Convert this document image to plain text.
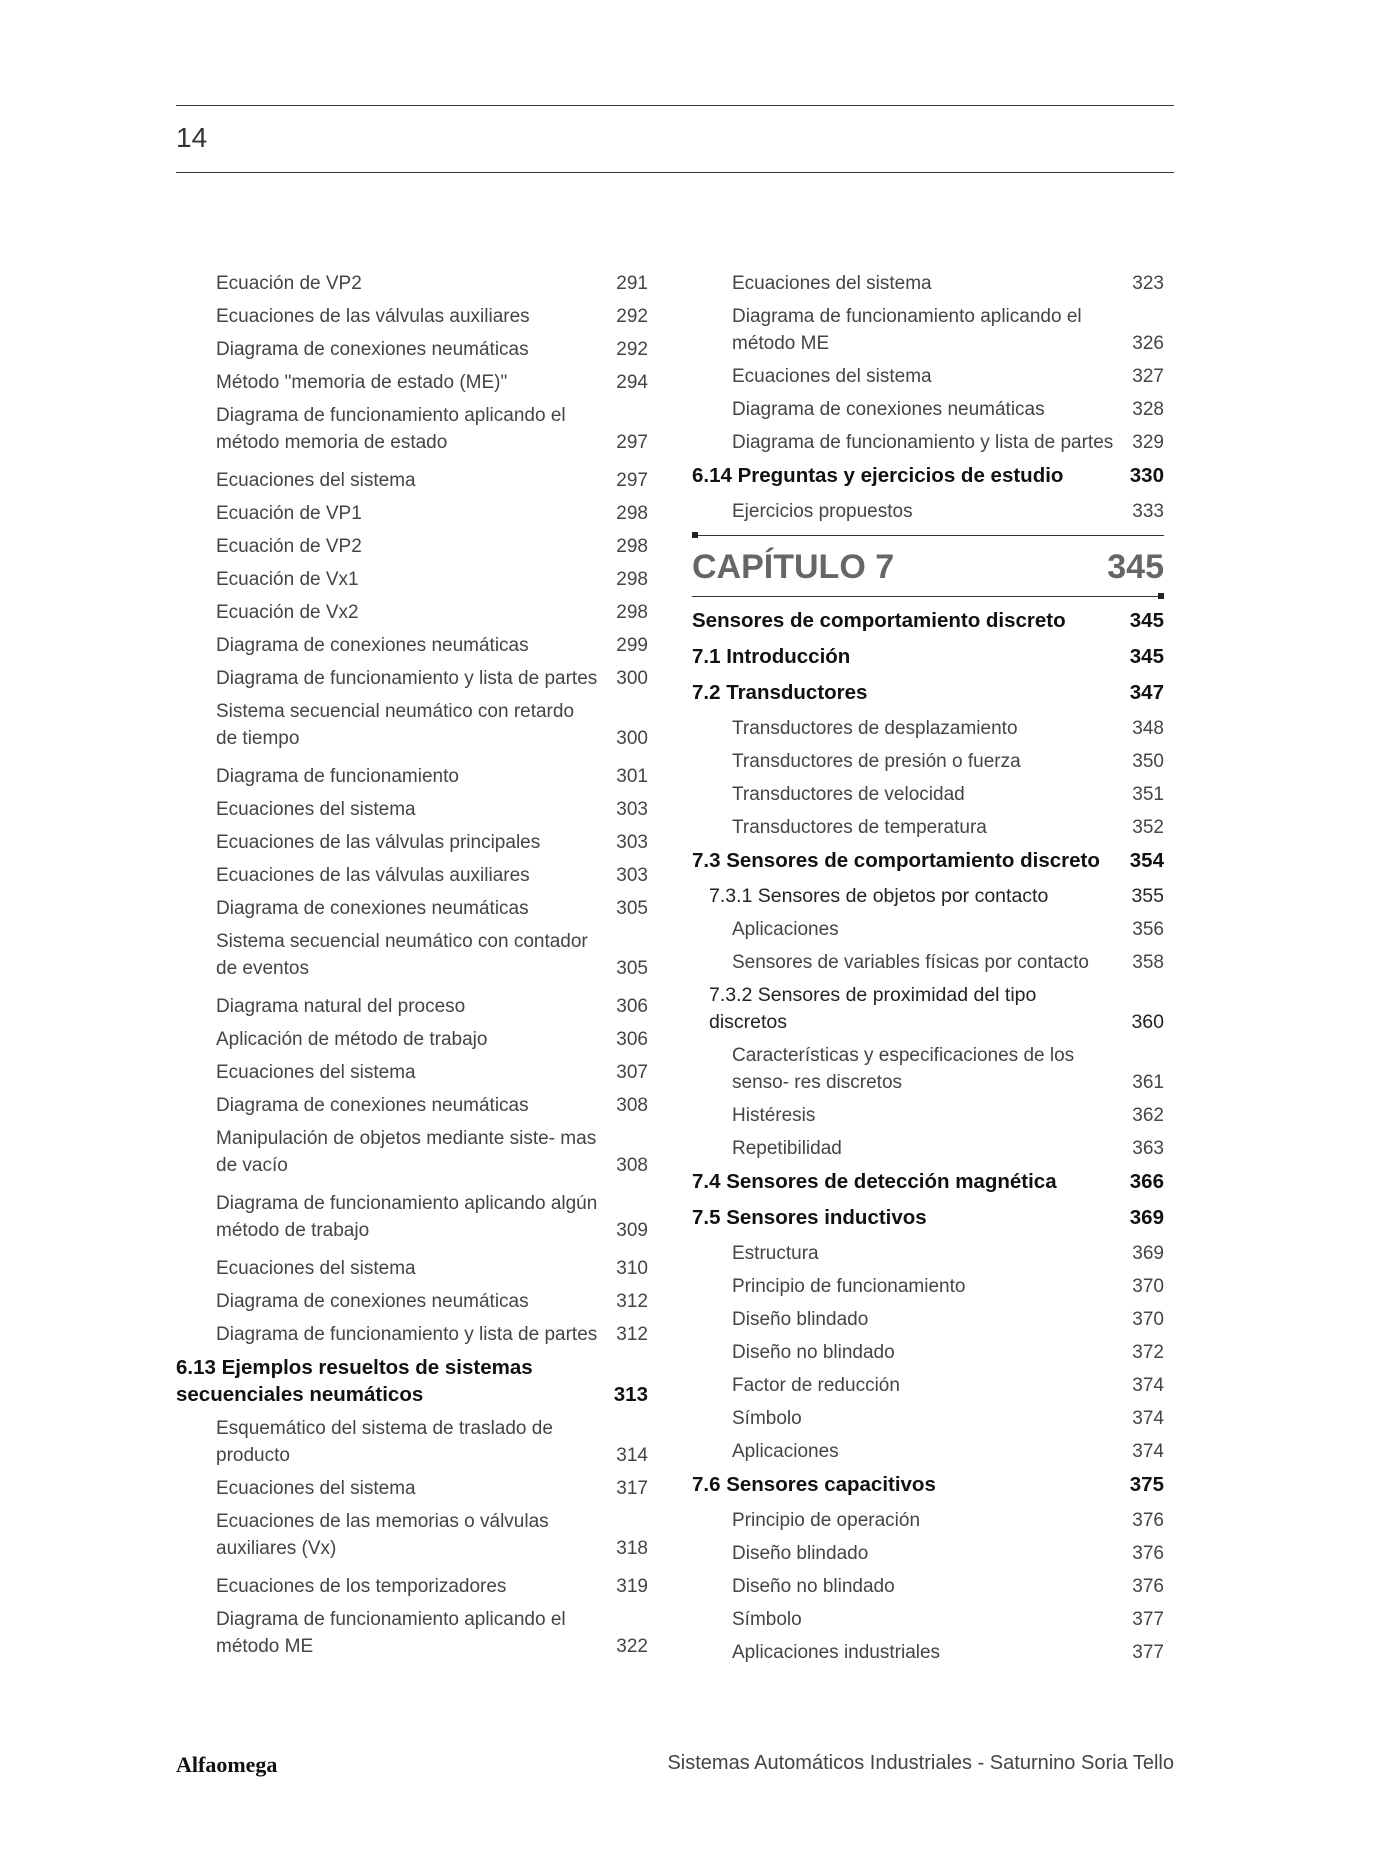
14
Ecuación de VP2	291
Ecuaciones de las válvulas auxiliares	292
Diagrama de conexiones neumáticas	292
Método "memoria de estado (ME)"	294
Diagrama de funcionamiento aplicando el método memoria de estado	297
Ecuaciones del sistema	297
Ecuación de VP1	298
Ecuación de VP2	298
Ecuación de Vx1	298
Ecuación de Vx2	298
Diagrama de conexiones neumáticas	299
Diagrama de funcionamiento y lista de partes	300
Sistema secuencial neumático con retardo de tiempo	300
Diagrama de funcionamiento	301
Ecuaciones del sistema	303
Ecuaciones de las válvulas principales	303
Ecuaciones de las válvulas auxiliares	303
Diagrama de conexiones neumáticas	305
Sistema secuencial neumático con contador de eventos	305
Diagrama natural del proceso	306
Aplicación de método de trabajo	306
Ecuaciones del sistema	307
Diagrama de conexiones neumáticas	308
Manipulación de objetos mediante siste- mas de vacío	308
Diagrama de funcionamiento aplicando algún método de trabajo	309
Ecuaciones del sistema	310
Diagrama de conexiones neumáticas	312
Diagrama de funcionamiento y lista de partes	312
6.13 Ejemplos resueltos de sistemas secuenciales neumáticos	313
Esquemático del sistema de traslado de producto	314
Ecuaciones del sistema	317
Ecuaciones de las memorias o válvulas auxiliares (Vx)	318
Ecuaciones de los temporizadores	319
Diagrama de funcionamiento aplicando el método ME	322
Ecuaciones del sistema	323
Diagrama de funcionamiento aplicando el método ME	326
Ecuaciones del sistema	327
Diagrama de conexiones neumáticas	328
Diagrama de funcionamiento y lista de partes	329
6.14 Preguntas y ejercicios de estudio	330
Ejercicios propuestos	333
CAPÍTULO 7	345
Sensores de comportamiento discreto	345
7.1 Introducción	345
7.2 Transductores	347
Transductores de desplazamiento	348
Transductores de presión o fuerza	350
Transductores de velocidad	351
Transductores de temperatura	352
7.3 Sensores de comportamiento discreto	354
7.3.1 Sensores de objetos por contacto	355
Aplicaciones	356
Sensores de variables físicas por contacto	358
7.3.2 Sensores de proximidad del tipo discretos	360
Características y especificaciones de los senso- res discretos	361
Histéresis	362
Repetibilidad	363
7.4 Sensores de detección magnética	366
7.5 Sensores inductivos	369
Estructura	369
Principio de funcionamiento	370
Diseño blindado	370
Diseño no blindado	372
Factor de reducción	374
Símbolo	374
Aplicaciones	374
7.6 Sensores capacitivos	375
Principio de operación	376
Diseño blindado	376
Diseño no blindado	376
Símbolo	377
Aplicaciones industriales	377
Alfaomega	Sistemas Automáticos Industriales - Saturnino Soria Tello
